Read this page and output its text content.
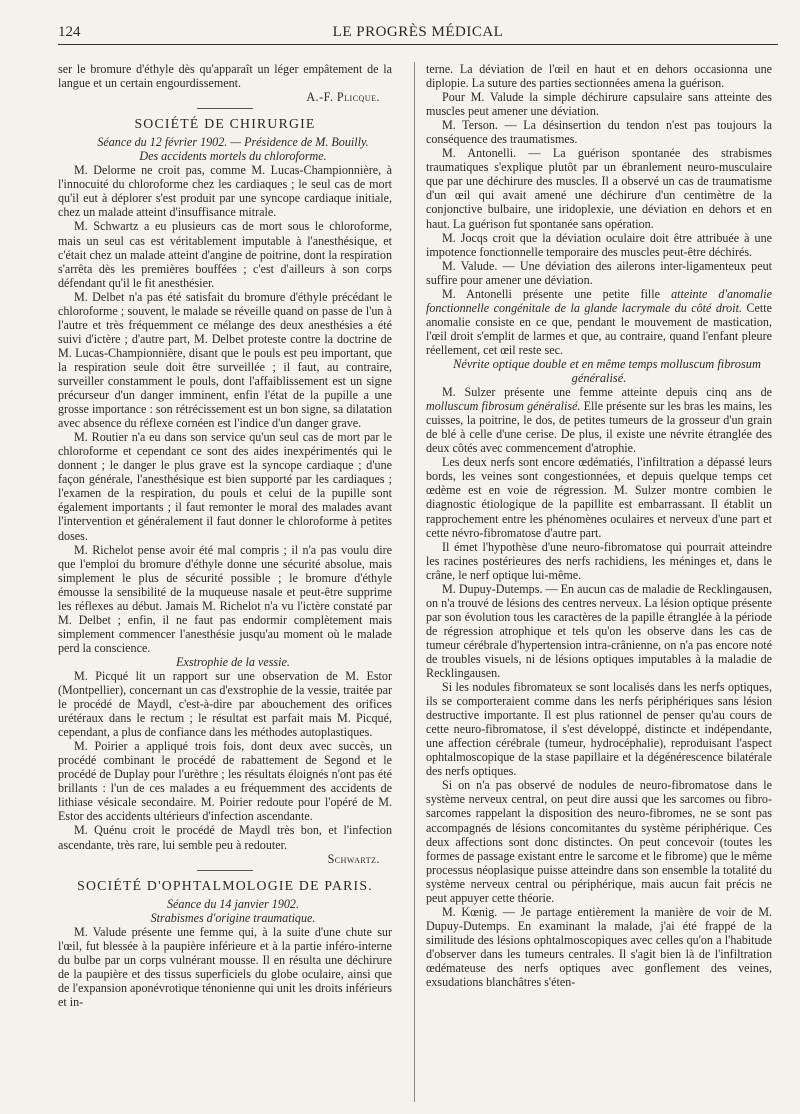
124	LE PROGRÈS MÉDICAL

ser le bromure d'éthyle dès qu'apparaît un léger empâtement de la langue et un certain engourdissement.

A.-F. Plicque.

SOCIÉTÉ DE CHIRURGIE

Séance du 12 février 1902. — Présidence de M. Bouilly.

Des accidents mortels du chloroforme.

M. Delorme ne croit pas, comme M. Lucas-Championnière, à l'innocuité du chloroforme chez les cardiaques ; le seul cas de mort qu'il eut à déplorer s'est produit par une syncope cardiaque initiale, chez un malade atteint d'insuffisance mitrale.

M. Schwartz a eu plusieurs cas de mort sous le chloroforme, mais un seul cas est véritablement imputable à l'anesthésique, et c'était chez un malade atteint d'angine de poitrine, dont la respiration s'arrêta dès les premières bouffées ; c'est d'ailleurs à son corps défendant qu'il le fit anesthésier.

M. Delbet n'a pas été satisfait du bromure d'éthyle précédant le chloroforme ; souvent, le malade se réveille quand on passe de l'un à l'autre et très fréquemment ce mélange des deux anesthésies a été suivi d'ictère ; d'autre part, M. Delbet proteste contre la doctrine de M. Lucas-Championnière, disant que le pouls est peu important, que la respiration seule doit être surveillée ; il faut, au contraire, surveiller constamment le pouls, dont l'affaiblissement est un signe précurseur d'un danger imminent, enfin l'état de la pupille a une grosse importance : son rétrécissement est un bon signe, sa dilatation avec absence du réflexe cornéen est l'indice d'un danger grave.

M. Routier n'a eu dans son service qu'un seul cas de mort par le chloroforme et cependant ce sont des aides inexpérimentés qui le donnent ; le danger le plus grave est la syncope cardiaque ; d'une façon générale, l'anesthésique est bien supporté par les cardiaques ; l'examen de la respiration, du pouls et celui de la pupille sont également importants ; il faut remonter le moral des malades avant l'intervention et généralement il faut donner le chloroforme à petites doses.

M. Richelot pense avoir été mal compris ; il n'a pas voulu dire que l'emploi du bromure d'éthyle donne une sécurité absolue, mais simplement le plus de sécurité possible ; le bromure d'éthyle émousse la sensibilité de la muqueuse nasale et peut-être supprime les réflexes au début. Jamais M. Richelot n'a vu l'ictère constaté par M. Delbet ; enfin, il ne faut pas endormir complètement mais simplement commencer l'anesthésie jusqu'au moment où le malade perd la conscience.

Exstrophie de la vessie.

M. Picqué lit un rapport sur une observation de M. Estor (Montpellier), concernant un cas d'exstrophie de la vessie, traitée par le procédé de Maydl, c'est-à-dire par abouchement des orifices urétéraux dans le rectum ; le résultat est parfait mais M. Picqué, cependant, a plus de confiance dans les méthodes autoplastiques.

M. Poirier a appliqué trois fois, dont deux avec succès, un procédé combinant le procédé de rabattement de Segond et le procédé de Duplay pour l'urèthre ; les résultats éloignés n'ont pas été brillants : l'un de ces malades a eu fréquemment des accidents de lithiase vésicale secondaire. M. Poirier redoute pour l'opéré de M. Estor des accidents ultérieurs d'infection ascendante.

M. Quénu croit le procédé de Maydl très bon, et l'infection ascendante, très rare, lui semble peu à redouter.

Schwartz.

SOCIÉTÉ D'OPHTALMOLOGIE DE PARIS.

Séance du 14 janvier 1902.

Strabismes d'origine traumatique.

M. Valude présente une femme qui, à la suite d'une chute sur l'œil, fut blessée à la paupière inférieure et à la partie inféro-interne du bulbe par un corps vulnérant mousse. Il en résulta une déchirure de la paupière et des tissus superficiels du globe oculaire, ainsi que de l'expansion aponévrotique ténonienne qui unit les droits inférieurs et in-

terne. La déviation de l'œil en haut et en dehors occasionna une diplopie. La suture des parties sectionnées amena la guérison.

Pour M. Valude la simple déchirure capsulaire sans atteinte des muscles peut amener une déviation.

M. Terson. — La désinsertion du tendon n'est pas toujours la conséquence des traumatismes.

M. Antonelli. — La guérison spontanée des strabismes traumatiques s'explique plutôt par un ébranlement neuro-musculaire que par une déchirure des muscles. Il a observé un cas de traumatisme d'un œil qui avait amené une déchirure d'un centimètre de la conjonctive bulbaire, une iridoplexie, une déviation en dehors et en haut. La guérison fut spontanée sans opération.

M. Jocqs croit que la déviation oculaire doit être attribuée à une impotence fonctionnelle temporaire des muscles peut-être déchirés.

M. Valude. — Une déviation des ailerons inter-ligamenteux peut suffire pour amener une déviation.

M. Antonelli présente une petite fille atteinte d'anomalie fonctionnelle congénitale de la glande lacrymale du côté droit. Cette anomalie consiste en ce que, pendant le mouvement de mastication, l'œil droit s'emplit de larmes et que, au contraire, quand l'enfant pleure réellement, cet œil reste sec.

Névrite optique double et en même temps molluscum fibrosum généralisé.

M. Sulzer présente une femme atteinte depuis cinq ans de molluscum fibrosum généralisé. Elle présente sur les bras les mains, les cuisses, la poitrine, le dos, de petites tumeurs de la grosseur d'un grain de blé à celle d'une cerise. De plus, il existe une névrite étranglée des deux côtés avec commencement d'atrophie.

Les deux nerfs sont encore œdématiés, l'infiltration a dépassé leurs bords, les veines sont congestionnées, et depuis quelque temps cet œdème est en voie de régression. M. Sulzer montre combien le diagnostic étiologique de la papillite est embarrassant. Il établit un rapprochement entre les phénomènes oculaires et nerveux d'une part et cette névro-fibromatose d'autre part.

Il émet l'hypothèse d'une neuro-fibromatose qui pourrait atteindre les racines postérieures des nerfs rachidiens, les méninges et, dans le crâne, le nerf optique lui-même.

M. Dupuy-Dutemps. — En aucun cas de maladie de Recklingausen, on n'a trouvé de lésions des centres nerveux. La lésion optique présente par son évolution tous les caractères de la papille étranglée à la période de régression atrophique et tels qu'on les observe dans les cas de tumeur cérébrale d'hypertension intra-crânienne, on n'a pas encore noté de troubles visuels, ni de lésions optiques imputables à la maladie de Recklingausen.

Si les nodules fibromateux se sont localisés dans les nerfs optiques, ils se comporteraient comme dans les nerfs périphériques sans lésion destructive importante. Il est plus rationnel de penser qu'au cours de cette neuro-fibromatose, il s'est développé, distincte et indépendante, une affection cérébrale (tumeur, hydrocéphalie), reproduisant l'aspect ophtalmoscopique de la stase papillaire et la dégénérescence bilatérale des nerfs optiques.

Si on n'a pas observé de nodules de neuro-fibromatose dans le système nerveux central, on peut dire aussi que les sarcomes ou fibro-sarcomes rappelant la disposition des neuro-fibromes, ne se sont pas accompagnés de lésions concomitantes du système périphérique. Ces deux affections sont donc distinctes. On peut concevoir (toutes les formes de passage existant entre le sarcome et le fibrome) que le même processus néoplasique puisse atteindre dans son ensemble la totalité du système nerveux central ou périphérique, mais aucun fait précis ne peut appuyer cette théorie.

M. Kœnig. — Je partage entièrement la manière de voir de M. Dupuy-Dutemps. En examinant la malade, j'ai été frappé de la similitude des lésions ophtalmoscopiques avec celles qu'on a l'habitude d'observer dans les tumeurs centrales. Il s'agit bien là de l'infiltration œdémateuse des nerfs optiques avec gonflement des veines, exsudations blanchâtres s'éten-
